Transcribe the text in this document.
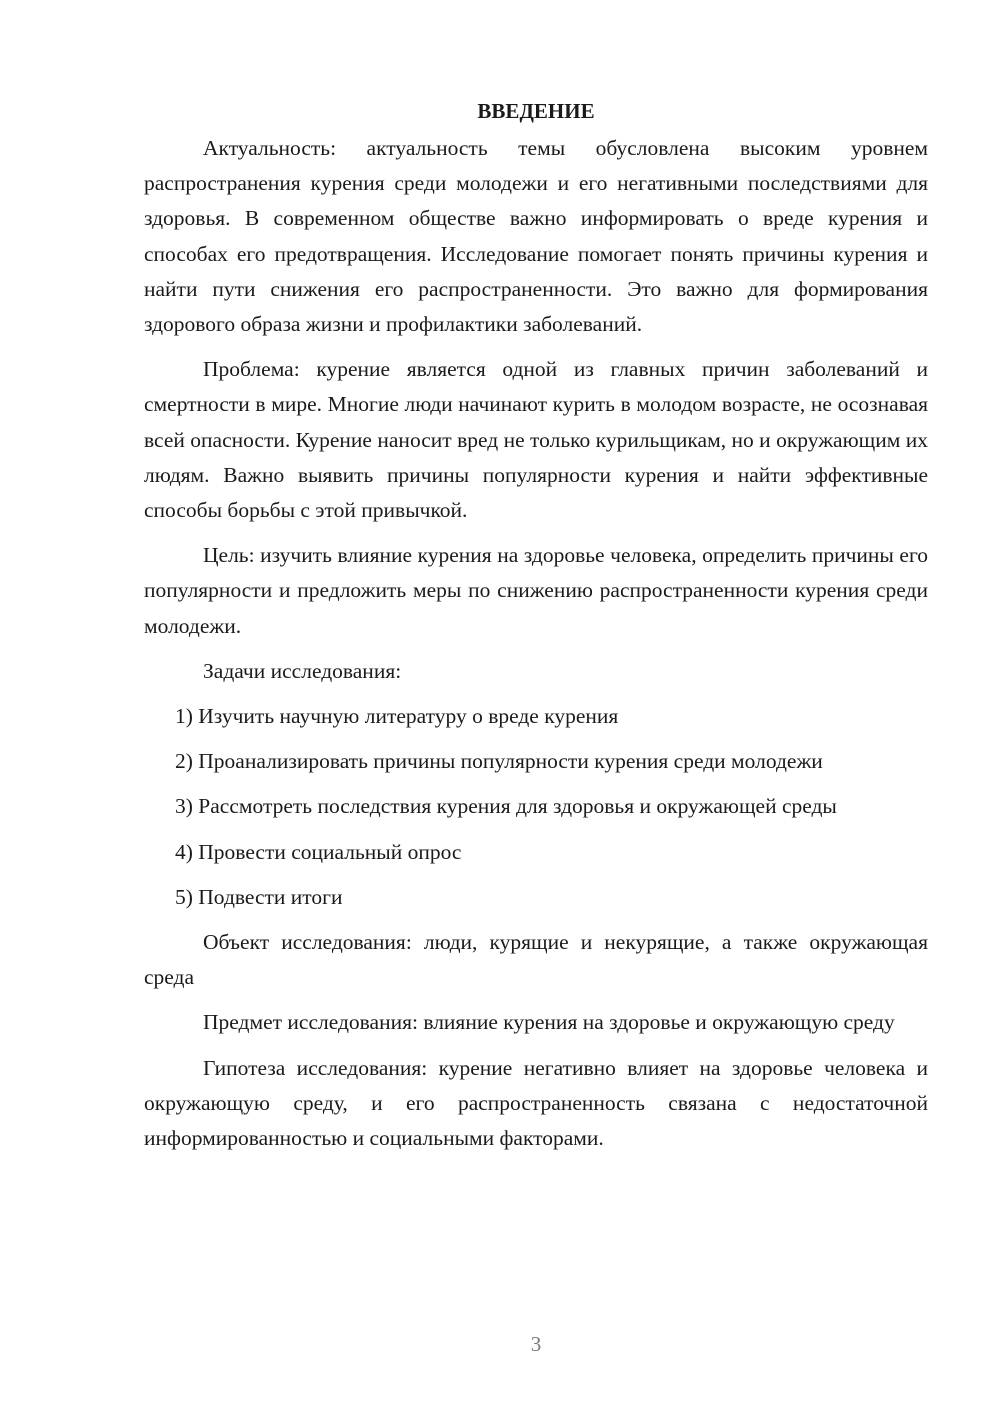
ВВЕДЕНИЕ

Актуальность: актуальность темы обусловлена высоким уровнем распространения курения среди молодежи и его негативными последствиями для здоровья. В современном обществе важно информировать о вреде курения и способах его предотвращения. Исследование помогает понять причины курения и найти пути снижения его распространенности. Это важно для формирования здорового образа жизни и профилактики заболеваний.

Проблема: курение является одной из главных причин заболеваний и смертности в мире. Многие люди начинают курить в молодом возрасте, не осознавая всей опасности. Курение наносит вред не только курильщикам, но и окружающим их людям. Важно выявить причины популярности курения и найти эффективные способы борьбы с этой привычкой.

Цель: изучить влияние курения на здоровье человека, определить причины его популярности и предложить меры по снижению распространенности курения среди молодежи.

Задачи исследования:

1) Изучить научную литературу о вреде курения

2) Проанализировать причины популярности курения среди молодежи

3) Рассмотреть последствия курения для здоровья и окружающей среды

4) Провести социальный опрос

5) Подвести итоги

Объект исследования: люди, курящие и некурящие, а также окружающая среда

Предмет исследования: влияние курения на здоровье и окружающую среду

Гипотеза исследования: курение негативно влияет на здоровье человека и окружающую среду, и его распространенность связана с недостаточной информированностью и социальными факторами.

3
